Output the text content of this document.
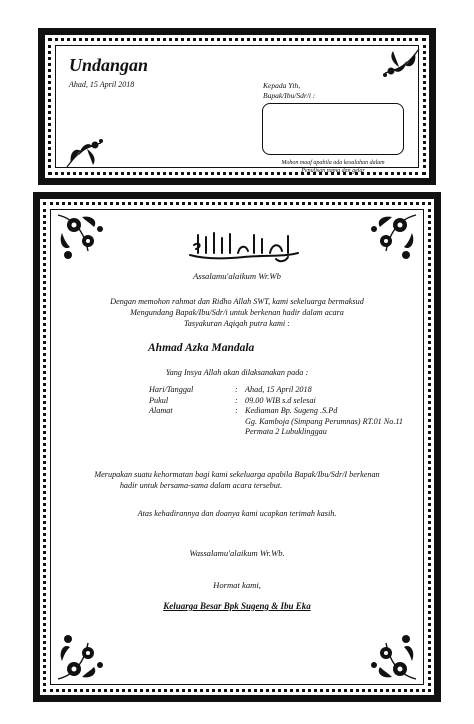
Undangan
Ahad, 15 April 2018	Kepada Yth,
Bapak/Ibu/Sdr/i :
Mohon maaf apabila ada kesalahan dalam
Penulisan nama dan gelar
Assalamu'alaikum Wr.Wb
Dengan memohon rahmat dan Ridho Allah SWT, kami sekeluarga bermaksud
Mengundang Bapak/Ibu/Sdr/i untuk berkenan hadir dalam acara
Tasyakuran Aqiqah putra kami :
Ahmad Azka Mandala
Yang Insya Allah akan dilaksanakan pada :
Hari/Tanggal	:	Ahad, 15 April 2018
Pukul	:	09.00 WIB s.d selesai
Alamat	:	Kediaman Bp. Sugeng .S.Pd
		Gg. Kamboja (Simpang Perumnas) RT.01 No.11
		Permata 2 Lubuklinggau
Merupakan suatu kehormatan bagi kami sekeluarga apabila Bapak/Ibu/Sdr/I berkenan
hadir untuk bersama-sama dalam acara tersebut.
Atas kehadirannya dan doanya kami ucapkan terimah kasih.
Wassalamu'alaikum Wr.Wb.
Hormat kami,
Keluarga Besar Bpk Sugeng & Ibu Eka
